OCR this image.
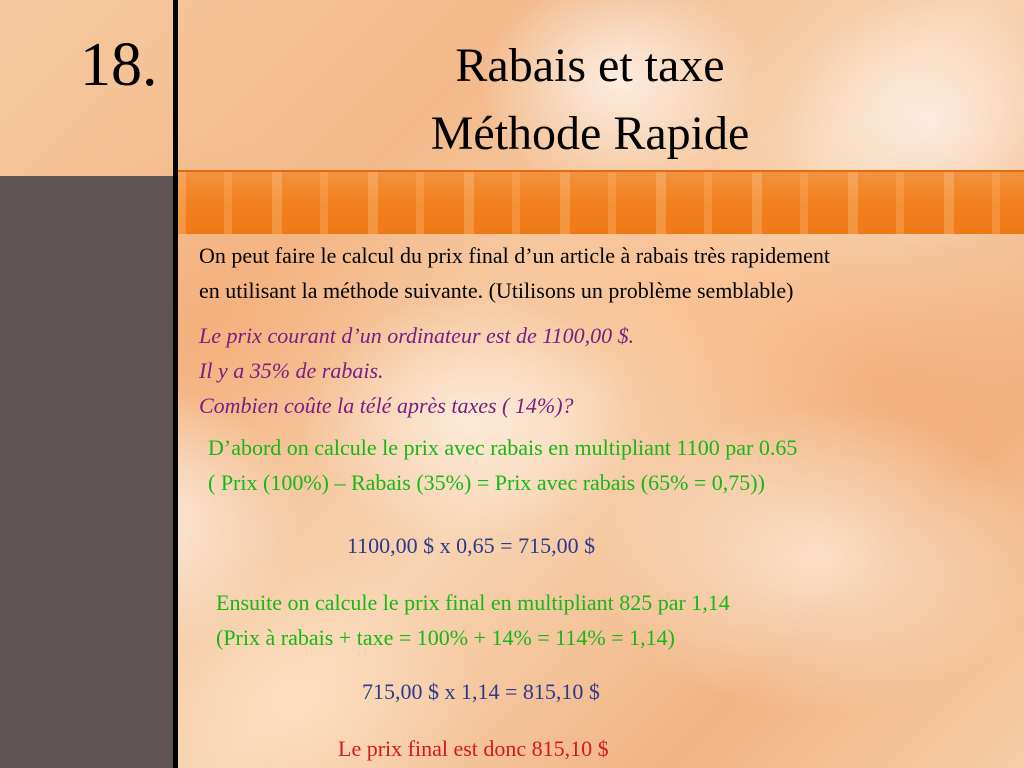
18.	Rabais et taxe
Méthode Rapide
On peut faire le calcul du prix final d’un article à rabais très rapidement
en utilisant la méthode suivante. (Utilisons un problème semblable)
Le prix courant d’un ordinateur est de 1100,00 $.
Il y a 35% de rabais.
Combien coûte la télé après taxes ( 14%)?
D’abord on calcule le prix avec rabais en multipliant 1100 par 0.65
( Prix (100%) – Rabais (35%) = Prix avec rabais (65% = 0,75))
1100,00 $ x 0,65 = 715,00 $
Ensuite on calcule le prix final en multipliant 825 par 1,14
(Prix à rabais + taxe = 100% + 14% = 114% = 1,14)
715,00 $ x 1,14 = 815,10 $
Le prix final est donc 815,10 $
